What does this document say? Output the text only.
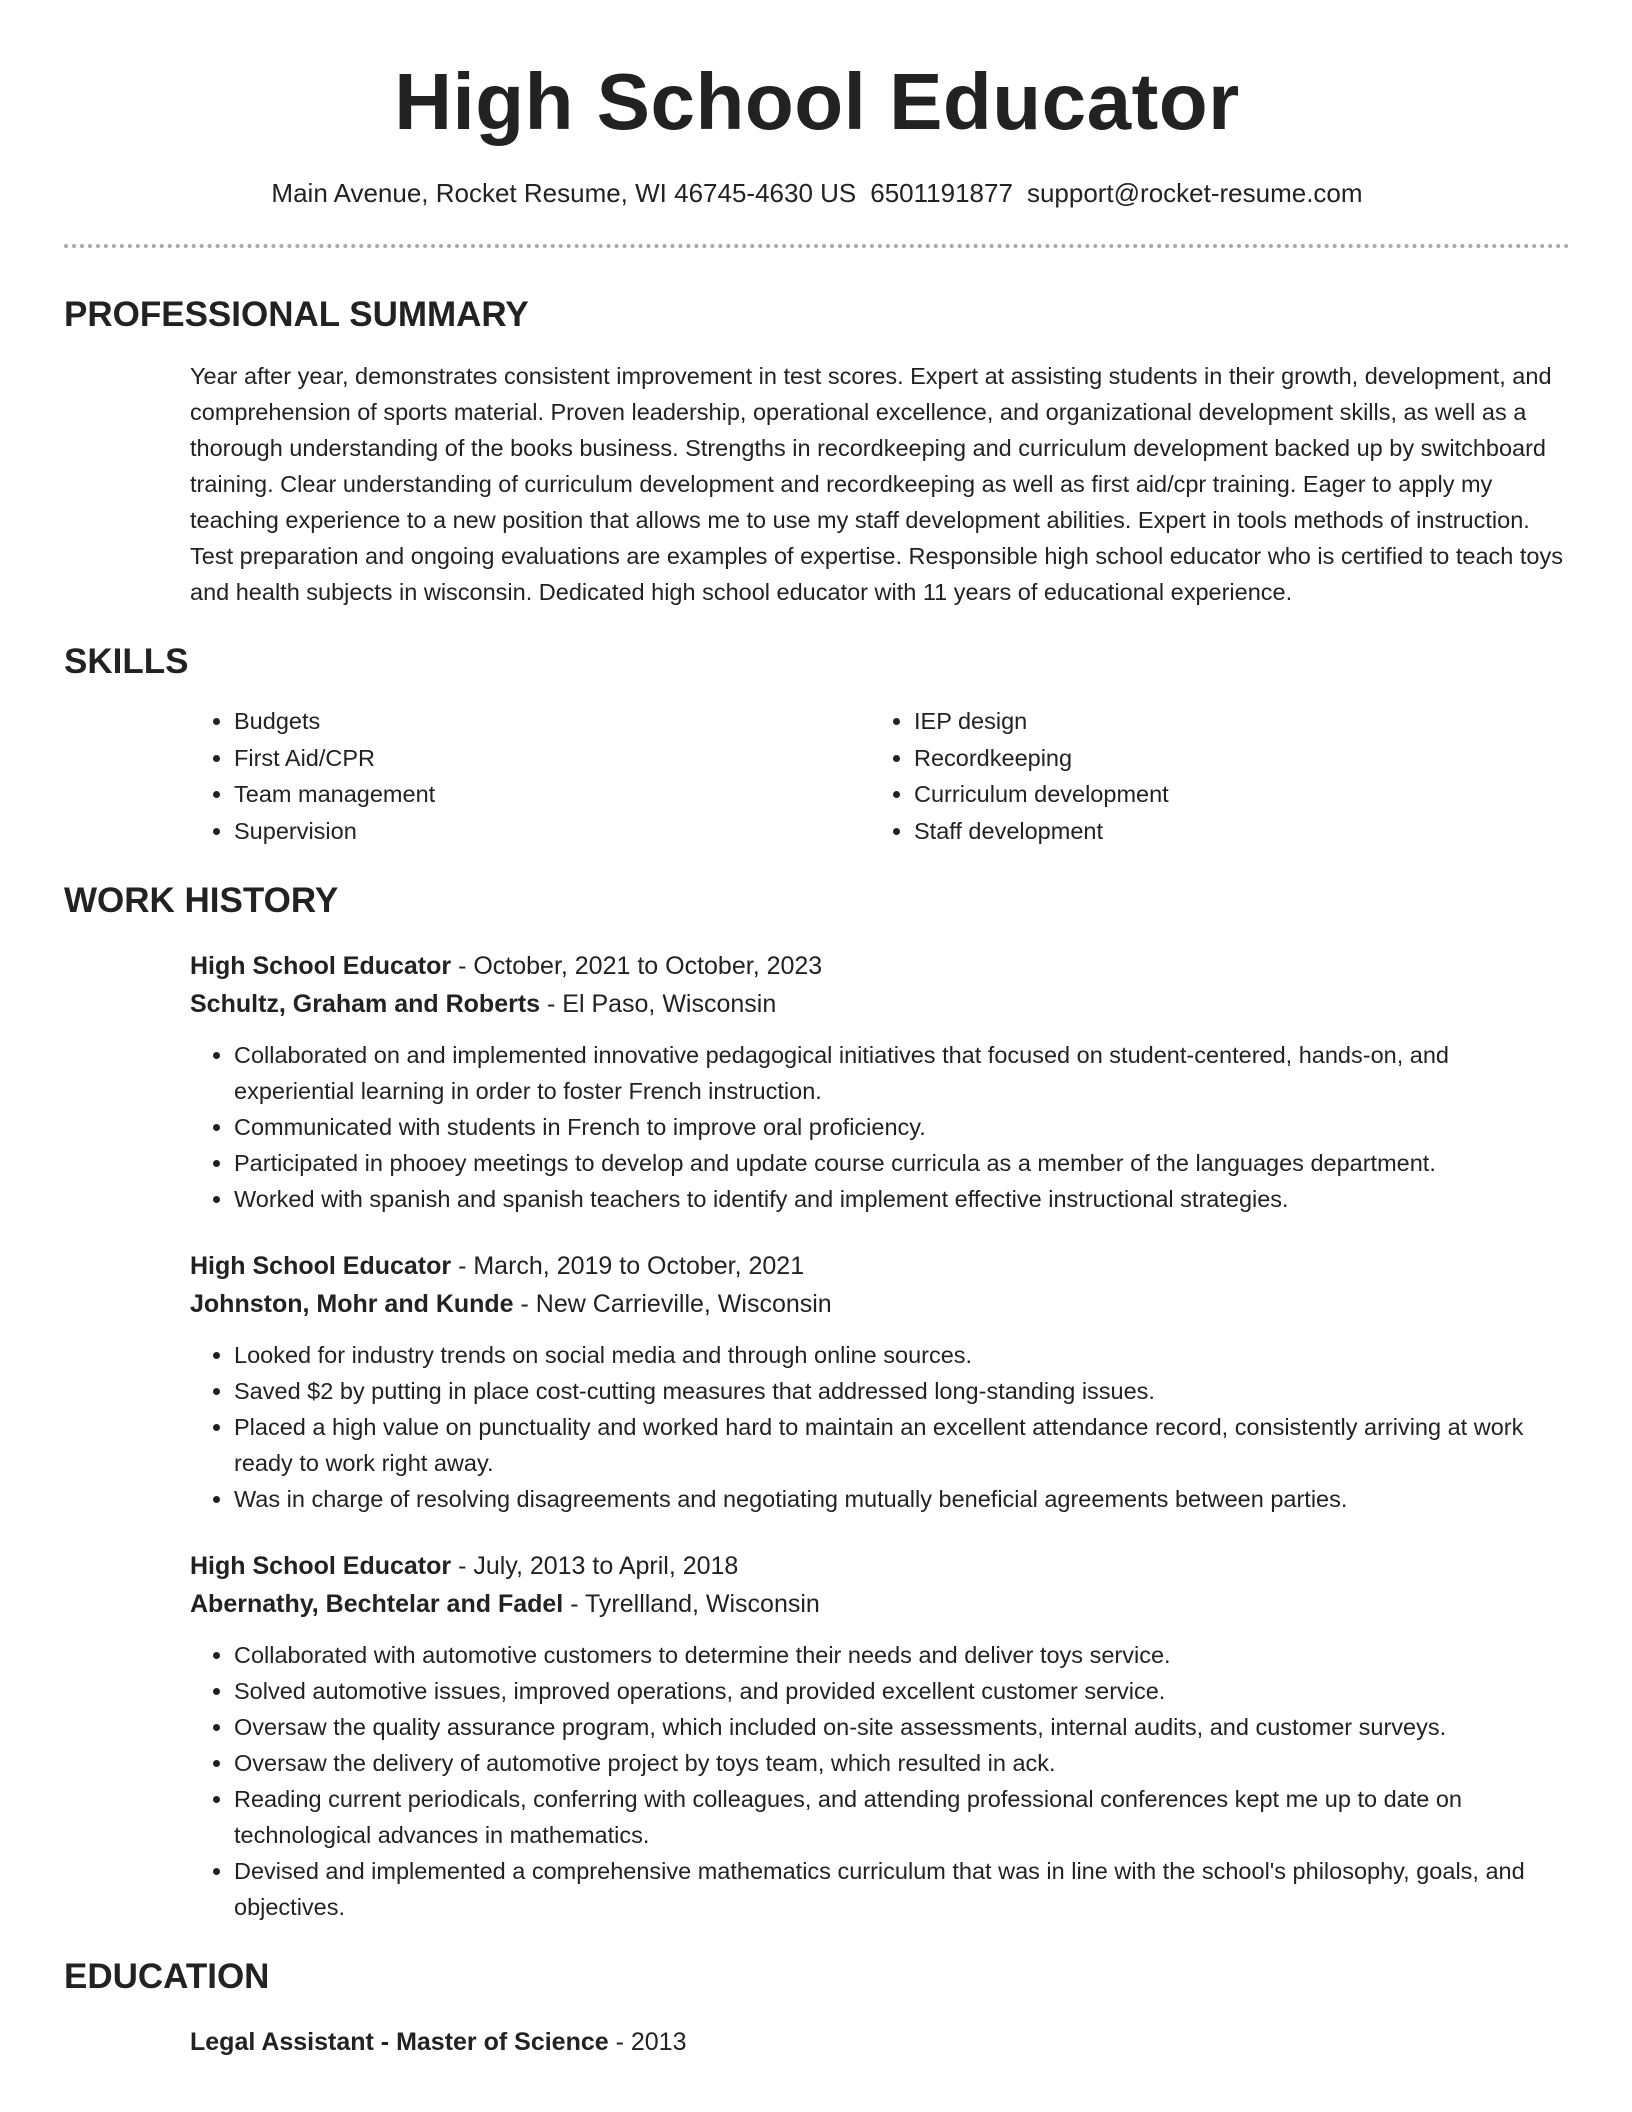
High School Educator
Main Avenue, Rocket Resume, WI 46745-4630 US 6501191877 support@rocket-resume.com
PROFESSIONAL SUMMARY

Year after year, demonstrates consistent improvement in test scores. Expert at assisting students in their growth, development, and comprehension of sports material. Proven leadership, operational excellence, and organizational development skills, as well as a thorough understanding of the books business. Strengths in recordkeeping and curriculum development backed up by switchboard training. Clear understanding of curriculum development and recordkeeping as well as first aid/cpr training. Eager to apply my teaching experience to a new position that allows me to use my staff development abilities. Expert in tools methods of instruction. Test preparation and ongoing evaluations are examples of expertise. Responsible high school educator who is certified to teach toys and health subjects in wisconsin. Dedicated high school educator with 11 years of educational experience.

SKILLS
• Budgets
• First Aid/CPR
• Team management
• Supervision
• IEP design
• Recordkeeping
• Curriculum development
• Staff development
WORK HISTORY
High School Educator - October, 2021 to October, 2023
Schultz, Graham and Roberts - El Paso, Wisconsin
• Collaborated on and implemented innovative pedagogical initiatives that focused on student-centered, hands-on, and experiential learning in order to foster French instruction.
• Communicated with students in French to improve oral proficiency.
• Participated in phooey meetings to develop and update course curricula as a member of the languages department.
• Worked with spanish and spanish teachers to identify and implement effective instructional strategies.
High School Educator - March, 2019 to October, 2021
Johnston, Mohr and Kunde - New Carrieville, Wisconsin
• Looked for industry trends on social media and through online sources.
• Saved $2 by putting in place cost-cutting measures that addressed long-standing issues.
• Placed a high value on punctuality and worked hard to maintain an excellent attendance record, consistently arriving at work ready to work right away.
• Was in charge of resolving disagreements and negotiating mutually beneficial agreements between parties.
High School Educator - July, 2013 to April, 2018
Abernathy, Bechtelar and Fadel - Tyrellland, Wisconsin
• Collaborated with automotive customers to determine their needs and deliver toys service.
• Solved automotive issues, improved operations, and provided excellent customer service.
• Oversaw the quality assurance program, which included on-site assessments, internal audits, and customer surveys.
• Oversaw the delivery of automotive project by toys team, which resulted in ack.
• Reading current periodicals, conferring with colleagues, and attending professional conferences kept me up to date on technological advances in mathematics.
• Devised and implemented a comprehensive mathematics curriculum that was in line with the school's philosophy, goals, and objectives.
EDUCATION
Legal Assistant - Master of Science - 2013
